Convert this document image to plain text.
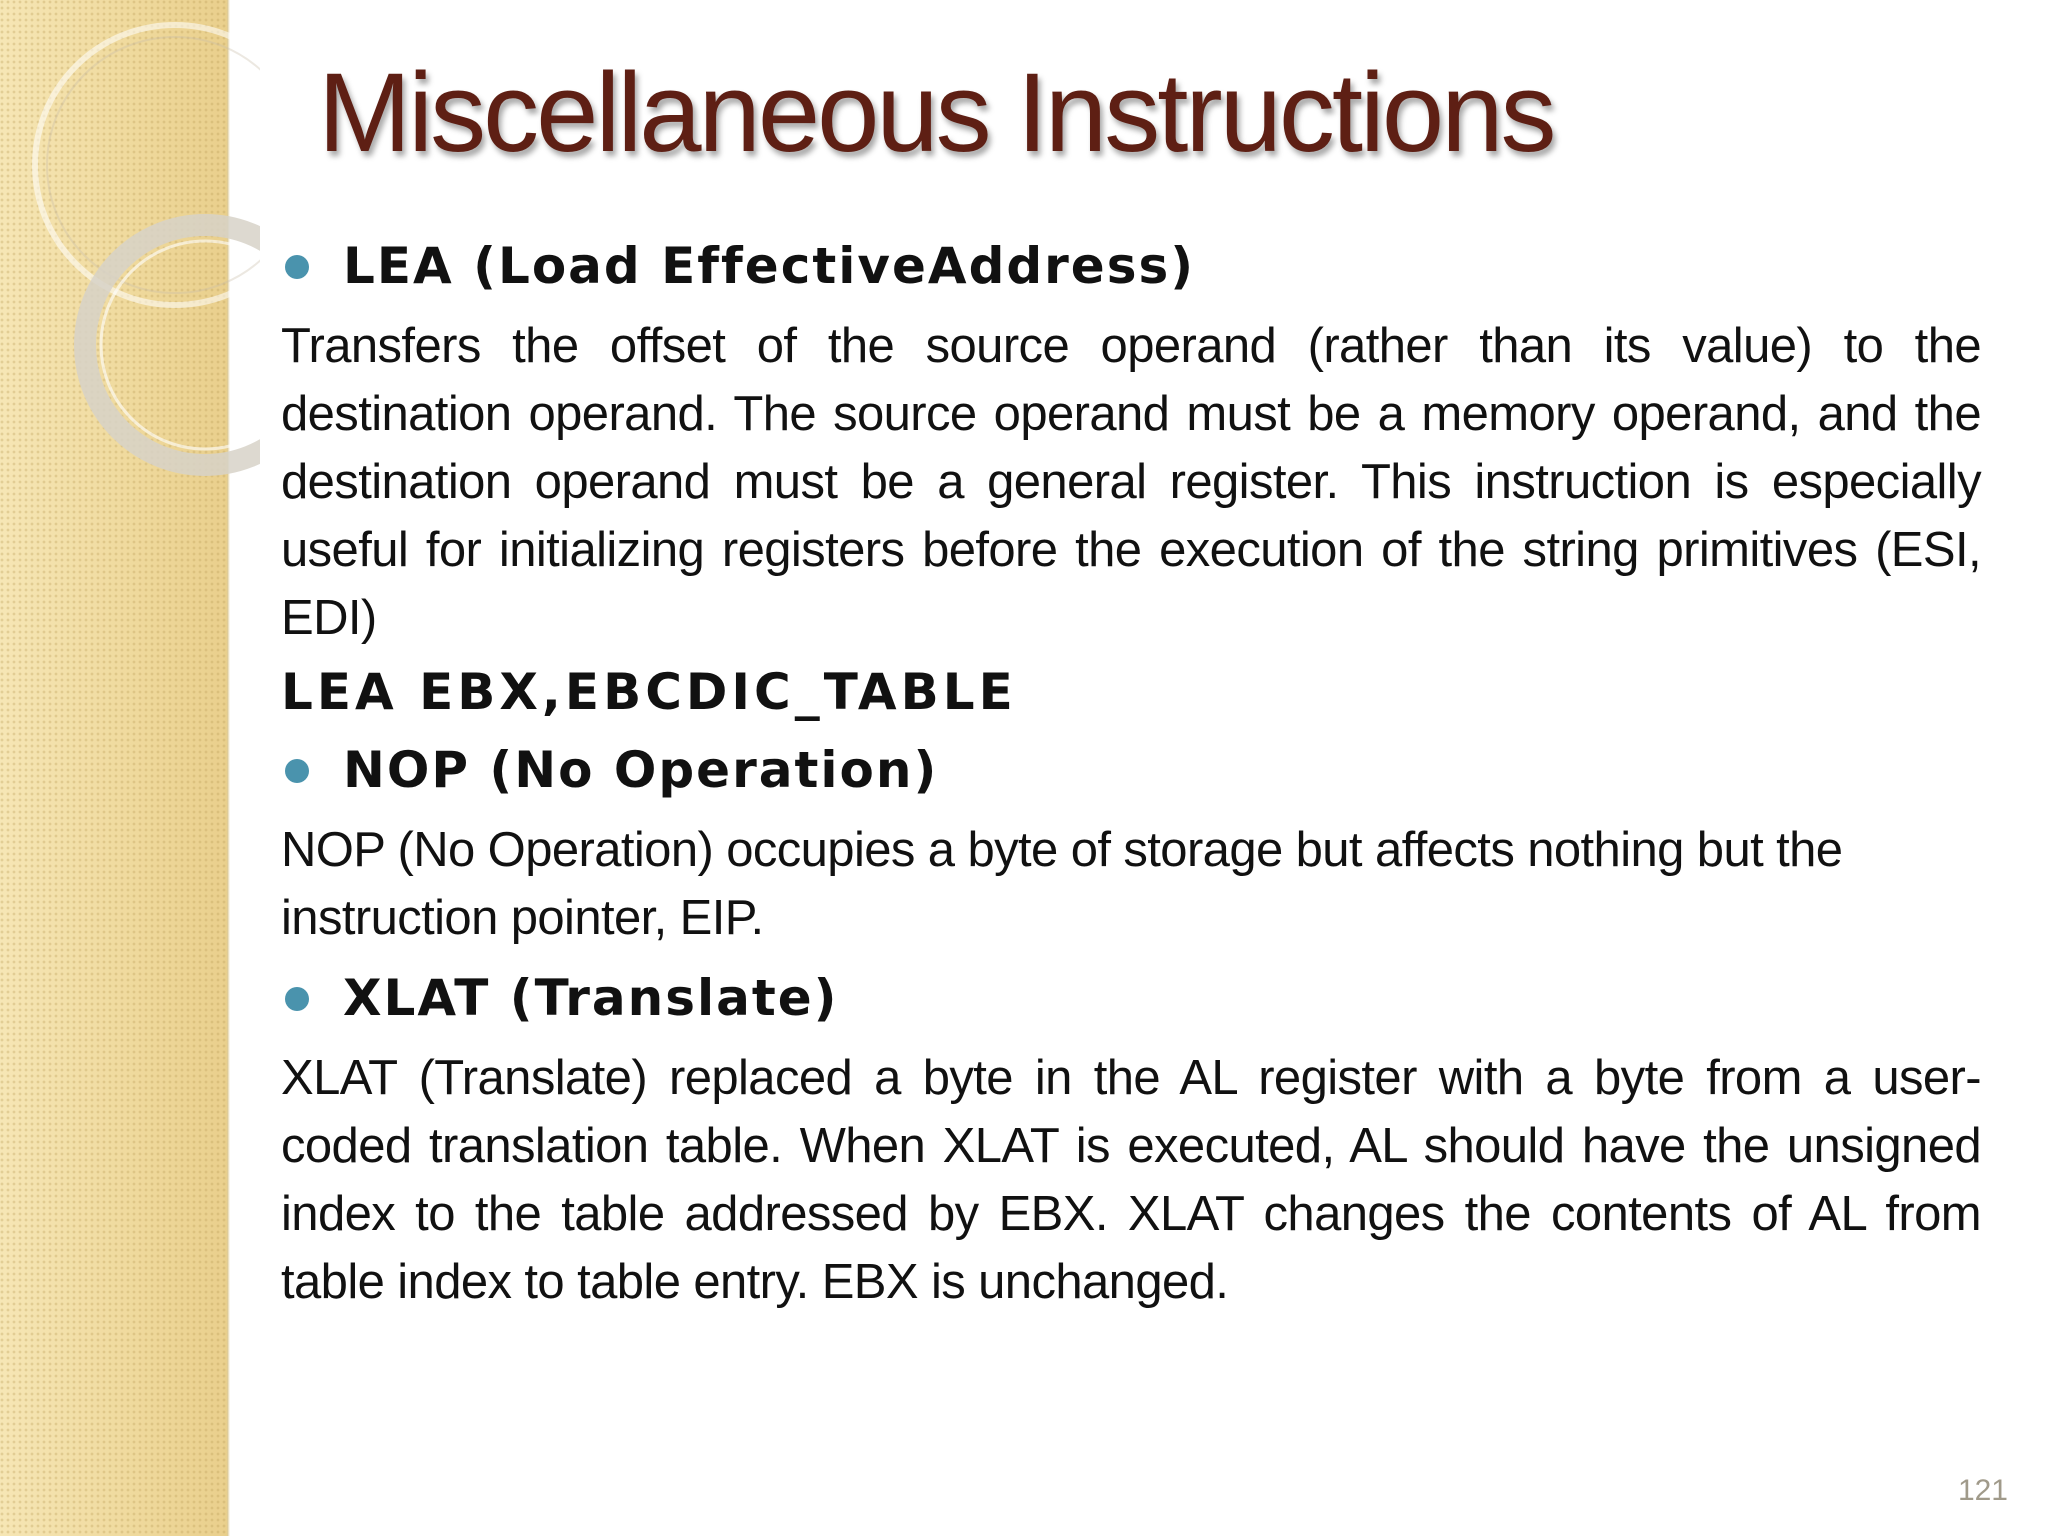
Miscellaneous Instructions
LEA (Load EffectiveAddress)
Transfers the offset of the source operand (rather than its value) to the destination operand. The source operand must be a memory operand, and the destination operand must be a general register. This instruction is especially useful for initializing registers before the execution of the string primitives (ESI, EDI)
LEA EBX,EBCDIC_TABLE
NOP (No Operation)
NOP (No Operation) occupies a byte of storage but affects nothing but the instruction pointer, EIP.
XLAT (Translate)
XLAT (Translate) replaced a byte in the AL register with a byte from a user-coded translation table. When XLAT is executed, AL should have the unsigned index to the table addressed by EBX. XLAT changes the contents of AL from table index to table entry. EBX is unchanged.
121
